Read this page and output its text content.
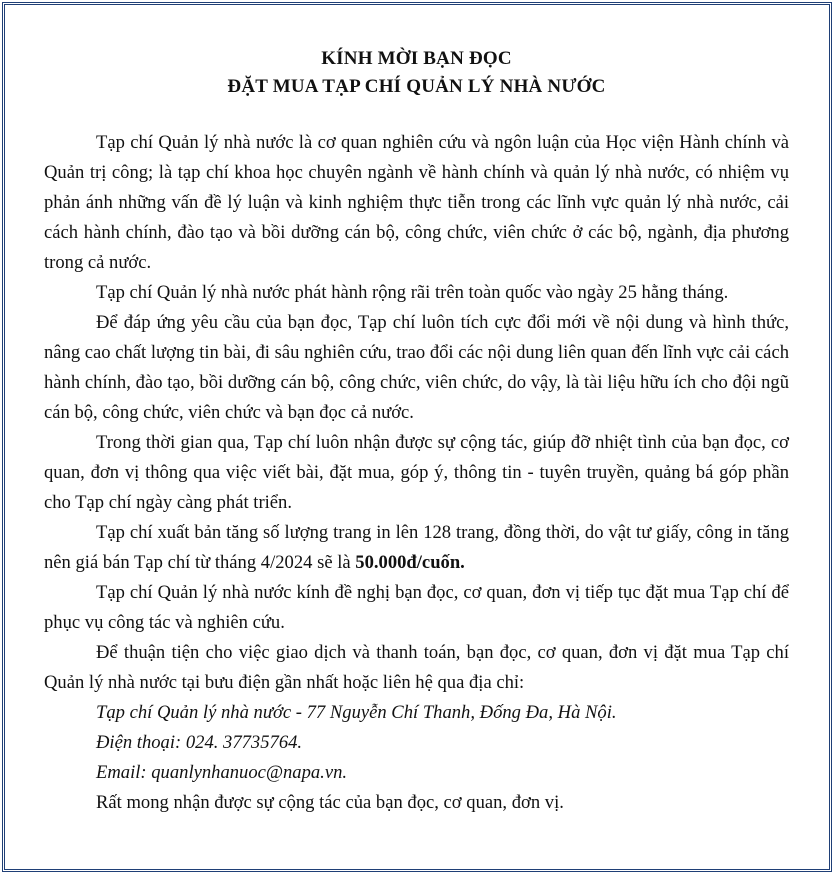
KÍNH MỜI BẠN ĐỌC
ĐẶT MUA TẠP CHÍ QUẢN LÝ NHÀ NƯỚC

Tạp chí Quản lý nhà nước là cơ quan nghiên cứu và ngôn luận của Học viện Hành chính và Quản trị công; là tạp chí khoa học chuyên ngành về hành chính và quản lý nhà nước, có nhiệm vụ phản ánh những vấn đề lý luận và kinh nghiệm thực tiễn trong các lĩnh vực quản lý nhà nước, cải cách hành chính, đào tạo và bồi dưỡng cán bộ, công chức, viên chức ở các bộ, ngành, địa phương trong cả nước.

Tạp chí Quản lý nhà nước phát hành rộng rãi trên toàn quốc vào ngày 25 hằng tháng.

Để đáp ứng yêu cầu của bạn đọc, Tạp chí luôn tích cực đổi mới về nội dung và hình thức, nâng cao chất lượng tin bài, đi sâu nghiên cứu, trao đổi các nội dung liên quan đến lĩnh vực cải cách hành chính, đào tạo, bồi dưỡng cán bộ, công chức, viên chức, do vậy, là tài liệu hữu ích cho đội ngũ cán bộ, công chức, viên chức và bạn đọc cả nước.

Trong thời gian qua, Tạp chí luôn nhận được sự cộng tác, giúp đỡ nhiệt tình của bạn đọc, cơ quan, đơn vị thông qua việc viết bài, đặt mua, góp ý, thông tin - tuyên truyền, quảng bá góp phần cho Tạp chí ngày càng phát triển.

Tạp chí xuất bản tăng số lượng trang in lên 128 trang, đồng thời, do vật tư giấy, công in tăng nên giá bán Tạp chí từ tháng 4/2024 sẽ là 50.000đ/cuốn.

Tạp chí Quản lý nhà nước kính đề nghị bạn đọc, cơ quan, đơn vị tiếp tục đặt mua Tạp chí để phục vụ công tác và nghiên cứu.

Để thuận tiện cho việc giao dịch và thanh toán, bạn đọc, cơ quan, đơn vị đặt mua Tạp chí Quản lý nhà nước tại bưu điện gần nhất hoặc liên hệ qua địa chỉ:

Tạp chí Quản lý nhà nước - 77 Nguyễn Chí Thanh, Đống Đa, Hà Nội.

Điện thoại: 024. 37735764.

Email: quanlynhanuoc@napa.vn.

Rất mong nhận được sự cộng tác của bạn đọc, cơ quan, đơn vị.
